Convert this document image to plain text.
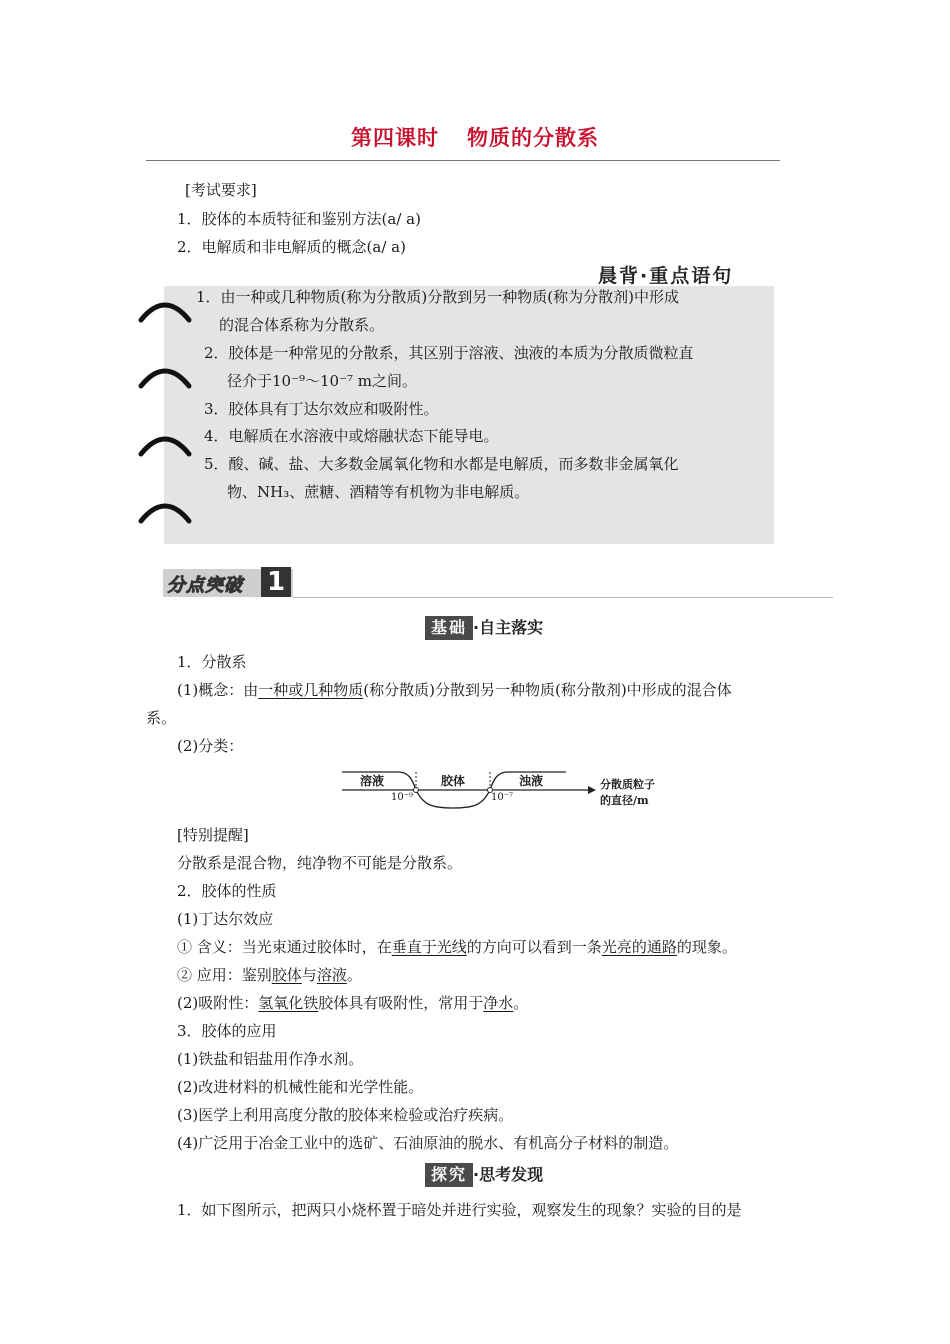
第四课时 物质的分散系
[考试要求]
1．胶体的本质特征和鉴别方法(a/ a)
2．电解质和非电解质的概念(a/ a)
晨背·重点语句
1．由一种或几种物质(称为分散质)分散到另一种物质(称为分散剂)中形成
的混合体系称为分散系。
2．胶体是一种常见的分散系，其区别于溶液、浊液的本质为分散质微粒直
径介于10⁻⁹～10⁻⁷ m之间。
3．胶体具有丁达尔效应和吸附性。
4．电解质在水溶液中或熔融状态下能导电。
5．酸、碱、盐、大多数金属氧化物和水都是电解质，而多数非金属氧化
物、NH₃、蔗糖、酒精等有机物为非电解质。
分点突破 1
基础 ·自主落实
1．分散系
(1)概念：由一种或几种物质(称分散质)分散到另一种物质(称分散剂)中形成的混合体
系。
(2)分类：
溶液	胶体	浊液
10⁻⁹	10⁻⁷
分散质粒子
的直径/m
[特别提醒]
分散系是混合物，纯净物不可能是分散系。
2．胶体的性质
(1)丁达尔效应
① 含义：当光束通过胶体时，在垂直于光线的方向可以看到一条光亮的通路的现象。
② 应用：鉴别胶体与溶液。
(2)吸附性：氢氧化铁胶体具有吸附性，常用于净水。
3．胶体的应用
(1)铁盐和铝盐用作净水剂。
(2)改进材料的机械性能和光学性能。
(3)医学上利用高度分散的胶体来检验或治疗疾病。
(4)广泛用于冶金工业中的选矿、石油原油的脱水、有机高分子材料的制造。
探究 ·思考发现
1．如下图所示，把两只小烧杯置于暗处并进行实验，观察发生的现象？实验的目的是
